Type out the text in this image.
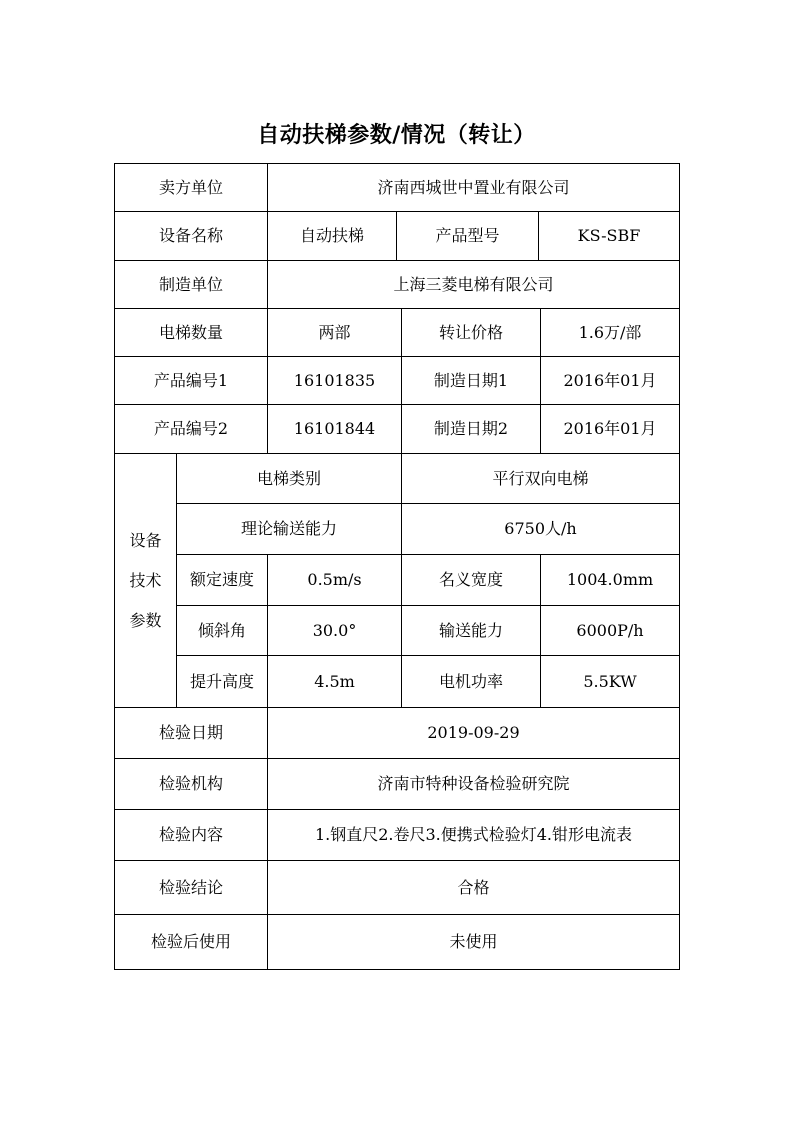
自动扶梯参数/情况（转让）
卖方单位	济南西城世中置业有限公司
设备名称	自动扶梯	产品型号	KS-SBF
制造单位	上海三菱电梯有限公司
电梯数量	两部	转让价格	1.6万/部
产品编号1	16101835	制造日期1	2016年01月
产品编号2	16101844	制造日期2	2016年01月
设备
技术
参数
电梯类别	平行双向电梯
理论输送能力	6750人/h
额定速度	0.5m/s	名义宽度	1004.0mm
倾斜角	30.0°	输送能力	6000P/h
提升高度	4.5m	电机功率	5.5KW
检验日期	2019-09-29
检验机构	济南市特种设备检验研究院
检验内容	1.钢直尺2.卷尺3.便携式检验灯4.钳形电流表
检验结论	合格
检验后使用	未使用
